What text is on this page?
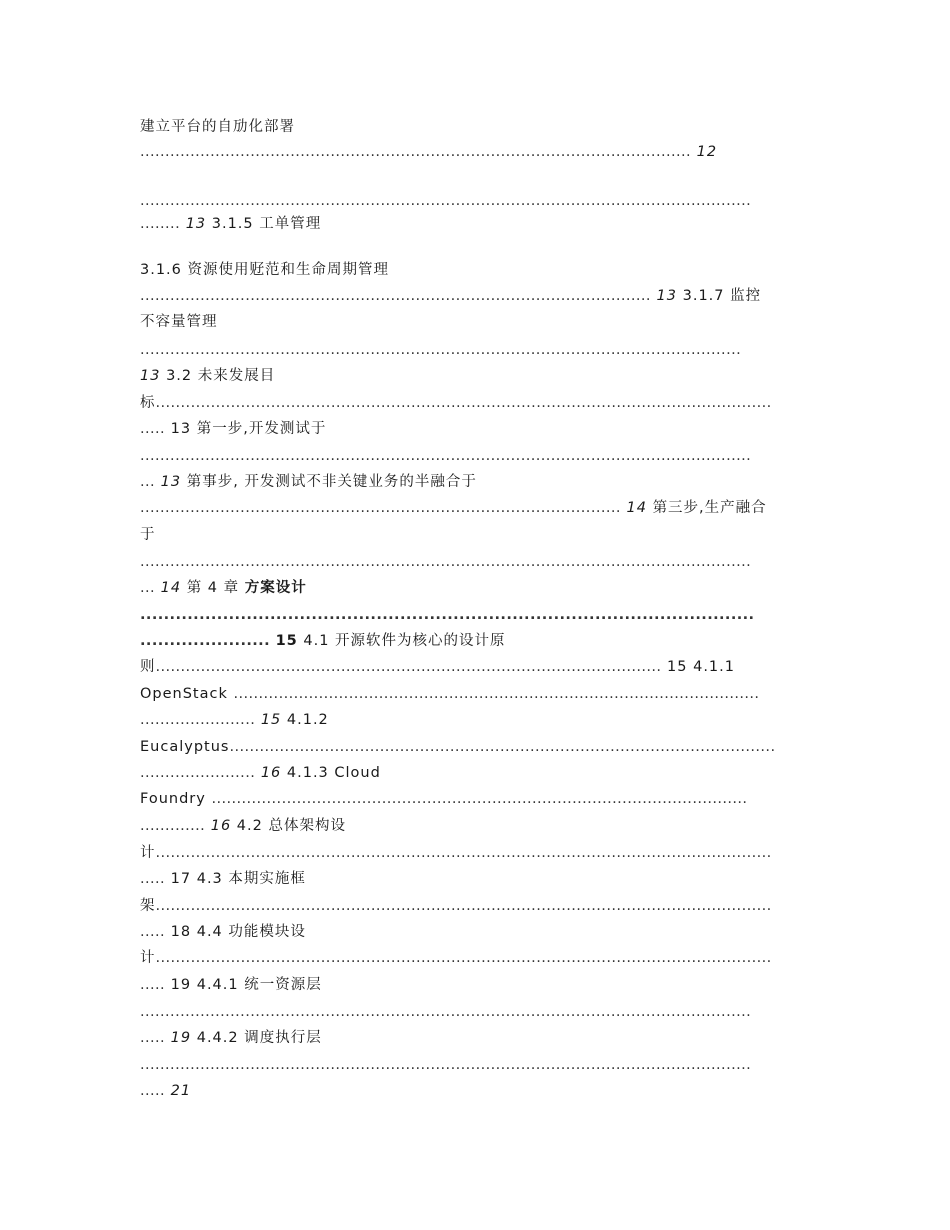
建立平台的自劢化部署
.............................................................................................................. 12
..........................................................................................................................
........ 13 3.1.5 工单管理
3.1.6 资源使用觃范和生命周期管理
...................................................................................................... 13 3.1.7 监控
不容量管理
........................................................................................................................
13 3.2 未来发展目
标...........................................................................................................................
..... 13 第一步,开发测试于
..........................................................................................................................
... 13 第事步, 开发测试不非关键业务的半融合于
................................................................................................ 14 第三步,生产融合
于
..........................................................................................................................
... 14 第 4 章 方案设计
........................................................................................................
...................... 15 4.1 开源软件为核心的设计原
则..................................................................................................... 15 4.1.1
OpenStack .........................................................................................................
....................... 15 4.1.2
Eucalyptus.............................................................................................................
....................... 16 4.1.3 Cloud
Foundry ...........................................................................................................
............. 16 4.2 总体架构设
计...........................................................................................................................
..... 17 4.3 本期实施框
架...........................................................................................................................
..... 18 4.4 功能模块设
计...........................................................................................................................
..... 19 4.4.1 统一资源层
..........................................................................................................................
..... 19 4.4.2 调度执行层
..........................................................................................................................
..... 21
